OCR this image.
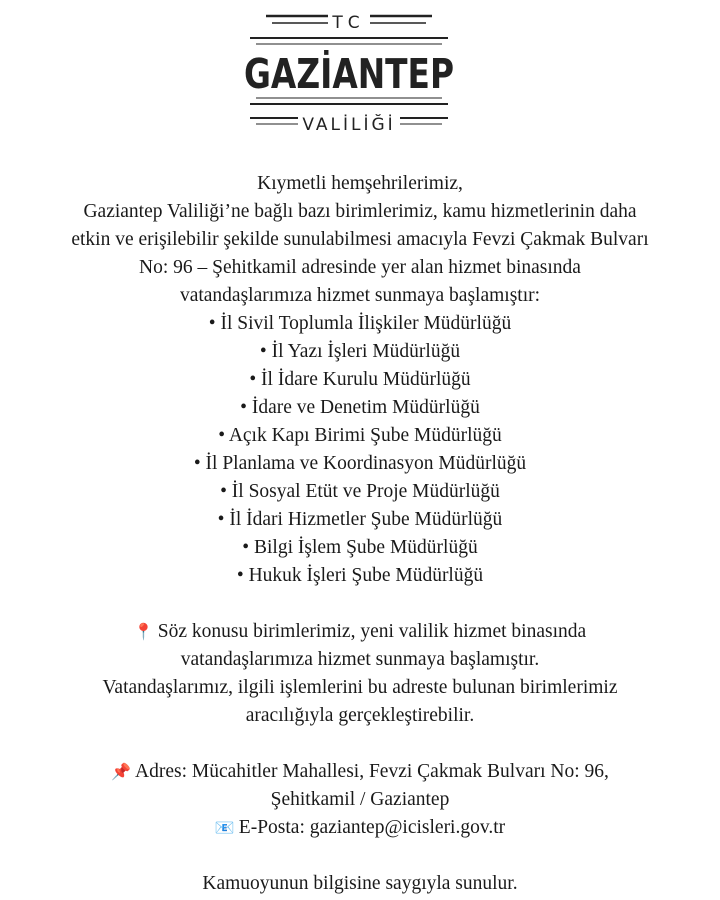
TC
GAZİANTEP
VALİLİĞİ

Kıymetli hemşehrilerimiz,

Gaziantep Valiliği’ne bağlı bazı birimlerimiz, kamu hizmetlerinin daha

etkin ve erişilebilir şekilde sunulabilmesi amacıyla Fevzi Çakmak Bulvarı

No: 96 – Şehitkamil adresinde yer alan hizmet binasında

vatandaşlarımıza hizmet sunmaya başlamıştır:

• İl Sivil Toplumla İlişkiler Müdürlüğü
• İl Yazı İşleri Müdürlüğü
• İl İdare Kurulu Müdürlüğü
• İdare ve Denetim Müdürlüğü
• Açık Kapı Birimi Şube Müdürlüğü
• İl Planlama ve Koordinasyon Müdürlüğü
• İl Sosyal Etüt ve Proje Müdürlüğü
• İl İdari Hizmetler Şube Müdürlüğü
• Bilgi İşlem Şube Müdürlüğü
• Hukuk İşleri Şube Müdürlüğü

📍 Söz konusu birimlerimiz, yeni valilik hizmet binasında

vatandaşlarımıza hizmet sunmaya başlamıştır.

Vatandaşlarımız, ilgili işlemlerini bu adreste bulunan birimlerimiz

aracılığıyla gerçekleştirebilir.

📌 Adres: Mücahitler Mahallesi, Fevzi Çakmak Bulvarı No: 96,

Şehitkamil / Gaziantep

📧 E-Posta: gaziantep@icisleri.gov.tr

Kamuoyunun bilgisine saygıyla sunulur.
